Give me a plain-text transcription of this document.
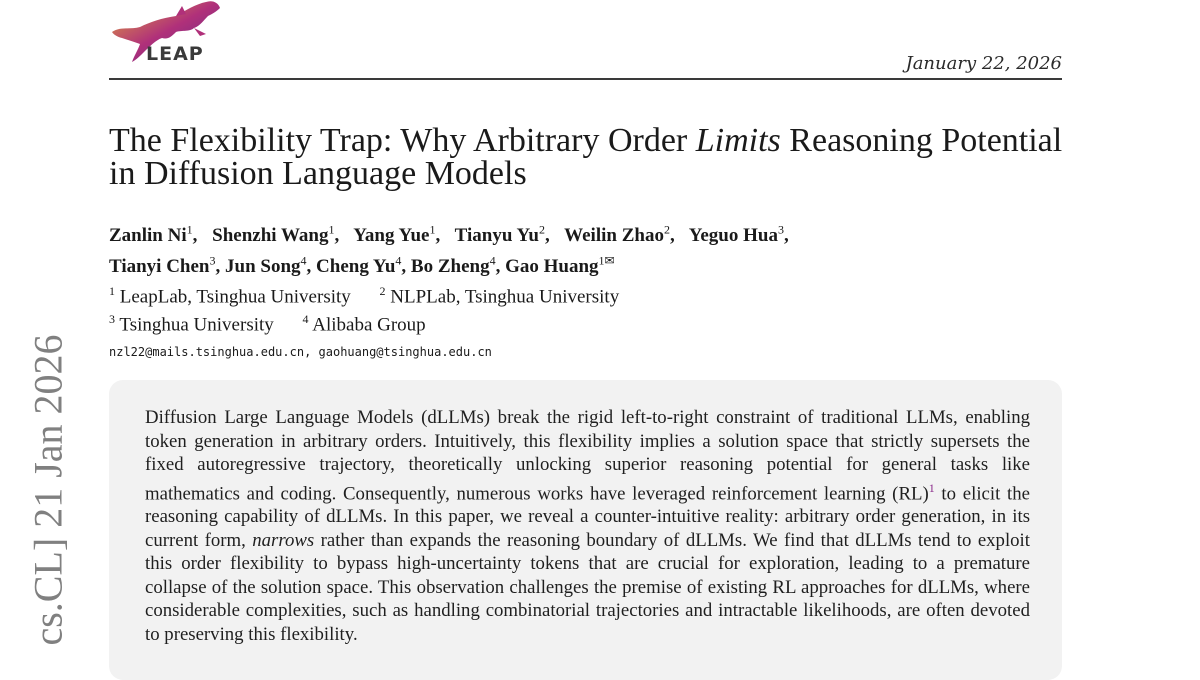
LEAP	January 22, 2026
cs.CL] 21 Jan 2026
The Flexibility Trap: Why Arbitrary Order Limits Reasoning Potential in Diffusion Language Models
Zanlin Ni$^1$, Shenzhi Wang$^1$, Yang Yue$^1$, Tianyu Yu$^2$, Weilin Zhao$^2$, Yeguo Hua$^3$,
Tianyi Chen$^3$, Jun Song$^4$, Cheng Yu$^4$, Bo Zheng$^4$, Gao Huang$^{1✉}$
$^1$ LeapLab, Tsinghua University $^2$ NLPLab, Tsinghua University
$^3$ Tsinghua University $^4$ Alibaba Group
nzl22@mails.tsinghua.edu.cn, gaohuang@tsinghua.edu.cn
Diffusion Large Language Models (dLLMs) break the rigid left-to-right constraint of traditional LLMs, enabling token generation in arbitrary orders. Intuitively, this flexibility implies a solution space that strictly supersets the fixed autoregressive trajectory, theoretically unlocking superior reasoning potential for general tasks like mathematics and coding. Consequently, numerous works have leveraged reinforcement learning (RL)$^1$ to elicit the reasoning capability of dLLMs. In this paper, we reveal a counter-intuitive reality: arbitrary order generation, in its current form, narrows rather than expands the reasoning boundary of dLLMs. We find that dLLMs tend to exploit this order flexibility to bypass high-uncertainty tokens that are crucial for exploration, leading to a premature collapse of the solution space. This observation challenges the premise of existing RL approaches for dLLMs, where considerable complexities, such as handling combinatorial trajectories and intractable likelihoods, are often devoted to preserving this flexibility.
